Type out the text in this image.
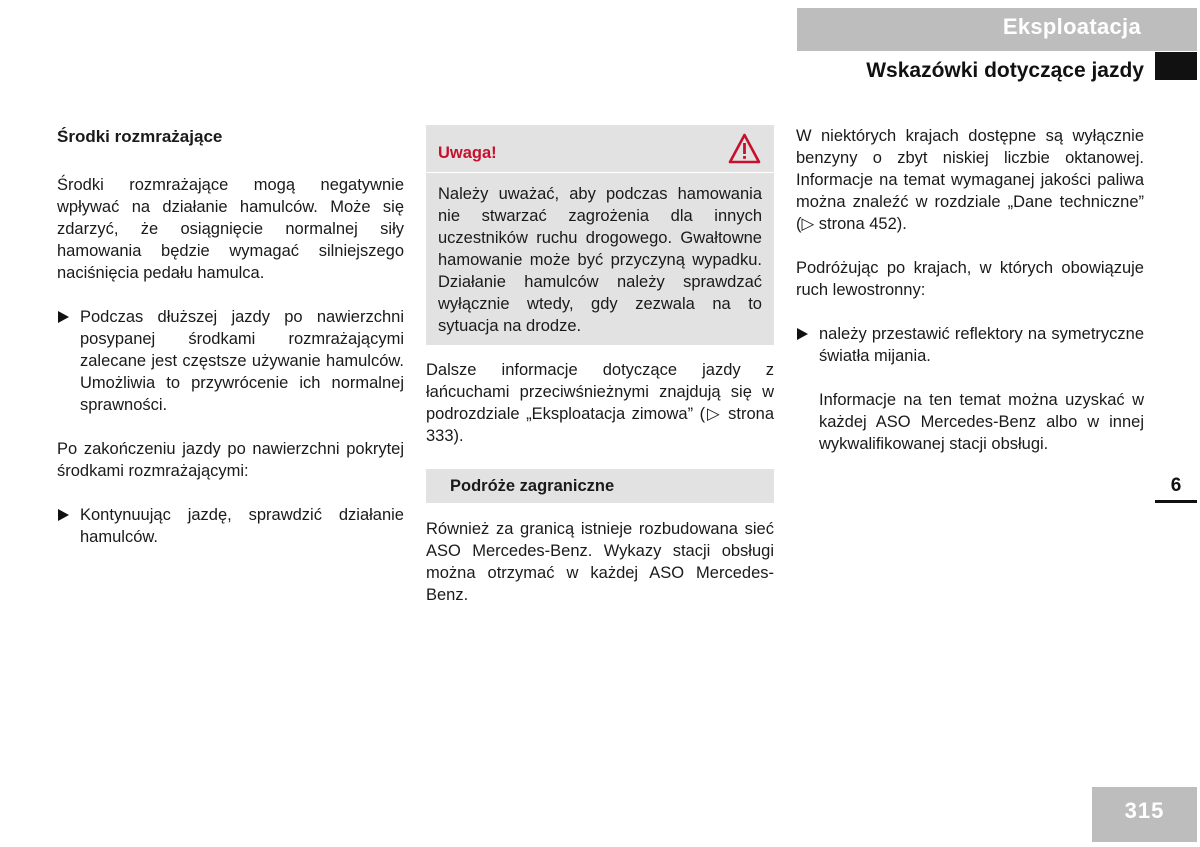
Eksploatacja
Wskazówki dotyczące jazdy
Środki rozmrażające

Środki rozmrażające mogą negatywnie wpływać na działanie hamulców. Może się zdarzyć, że osiągnięcie normalnej siły hamowania będzie wymagać silniejszego naciśnięcia pedału hamulca.

Podczas dłuższej jazdy po nawierzchni posypanej środkami rozmrażającymi zalecane jest częstsze używanie hamulców. Umożliwia to przywrócenie ich normalnej sprawności.

Po zakończeniu jazdy po nawierzchni pokrytej środkami rozmrażającymi:

Kontynuując jazdę, sprawdzić działanie hamulców.
Uwaga!
Należy uważać, aby podczas hamowania nie stwarzać zagrożenia dla innych uczestników ruchu drogowego. Gwałtowne hamowanie może być przyczyną wypadku. Działanie hamulców należy sprawdzać wyłącznie wtedy, gdy zezwala na to sytuacja na drodze.

Dalsze informacje dotyczące jazdy z łańcuchami przeciwśnieżnymi znajdują się w podrozdziale „Eksploatacja zimowa” (▷ strona 333).

Podróże zagraniczne

Również za granicą istnieje rozbudowana sieć ASO Mercedes-Benz. Wykazy stacji obsługi można otrzymać w każdej ASO Mercedes-Benz.

W niektórych krajach dostępne są wyłącznie benzyny o zbyt niskiej liczbie oktanowej. Informacje na temat wymaganej jakości paliwa można znaleźć w rozdziale „Dane techniczne” (▷ strona 452).

Podróżując po krajach, w których obowiązuje ruch lewostronny:

należy przestawić reflektory na symetryczne światła mijania.
Informacje na ten temat można uzyskać w każdej ASO Mercedes-Benz albo w innej wykwalifikowanej stacji obsługi.
6
315
